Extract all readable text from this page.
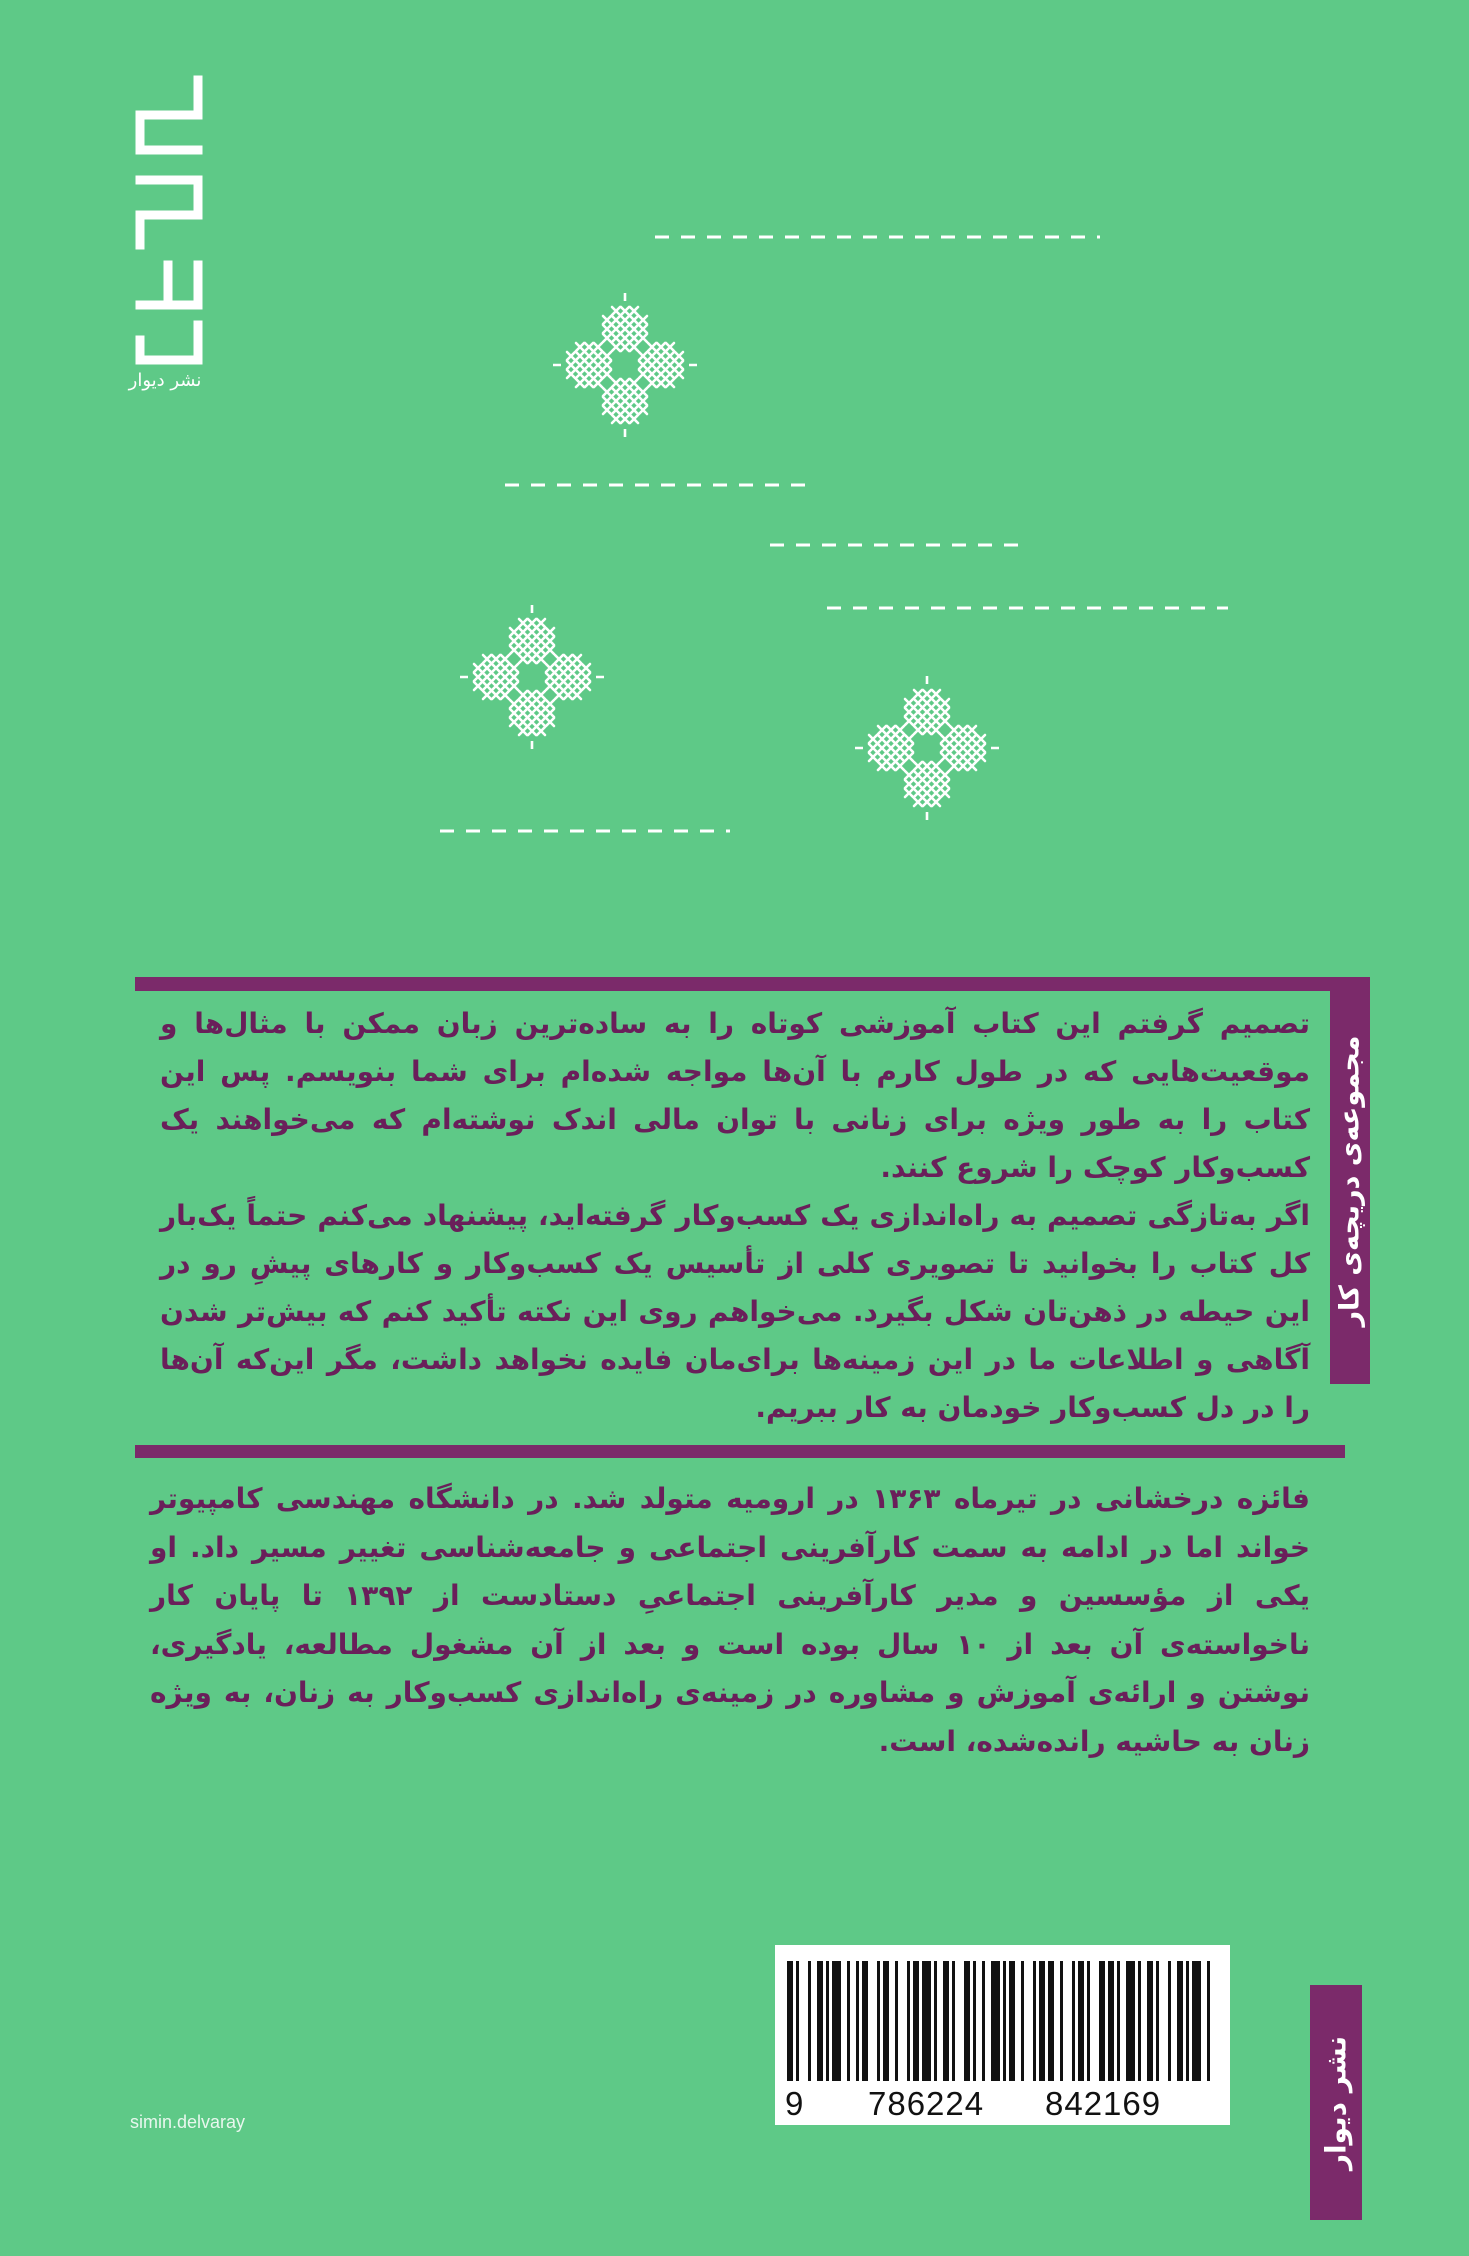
نشر دیوار
مجموعه‌ی دریچه‌ی کار

تصمیم گرفتم این کتاب آموزشی کوتاه را به ساده‌ترین زبان ممکن با مثال‌ها و موقعیت‌هایی که در طول کارم با آن‌ها مواجه شده‌ام برای شما بنویسم. پس این کتاب را به طور ویژه برای زنانی با توان مالی اندک نوشته‌ام که می‌خواهند یک کسب‌وکار کوچک را شروع کنند.

اگر به‌تازگی تصمیم به راه‌اندازی یک کسب‌وکار گرفته‌اید، پیشنهاد می‌کنم حتماً یک‌بار کل کتاب را بخوانید تا تصویری کلی از تأسیس یک کسب‌وکار و کارهای پیشِ رو در این حیطه در ذهن‌تان شکل بگیرد. می‌خواهم روی این نکته تأکید کنم که بیش‌تر شدن آگاهی و اطلاعات ما در این زمینه‌ها برای‌مان فایده نخواهد داشت، مگر این‌که آن‌ها را در دل کسب‌وکار خودمان به کار ببریم.

فائزه درخشانی در تیرماه ۱۳۶۳ در ارومیه متولد شد. در دانشگاه مهندسی کامپیوتر خواند اما در ادامه به سمت کارآفرینی اجتماعی و جامعه‌شناسی تغییر مسیر داد. او یکی از مؤسسین و مدیر کارآفرینی اجتماعیِ دستادست از ۱۳۹۲ تا پایان کار ناخواسته‌ی آن بعد از ۱۰ سال بوده است و بعد از آن مشغول مطالعه، یادگیری، نوشتن و ارائه‌ی آموزش و مشاوره در زمینه‌ی راه‌اندازی کسب‌وکار به زنان، به ویژه زنان به حاشیه رانده‌شده، است.

9 786224 842169	نشر دیوار
simin.delvaray
